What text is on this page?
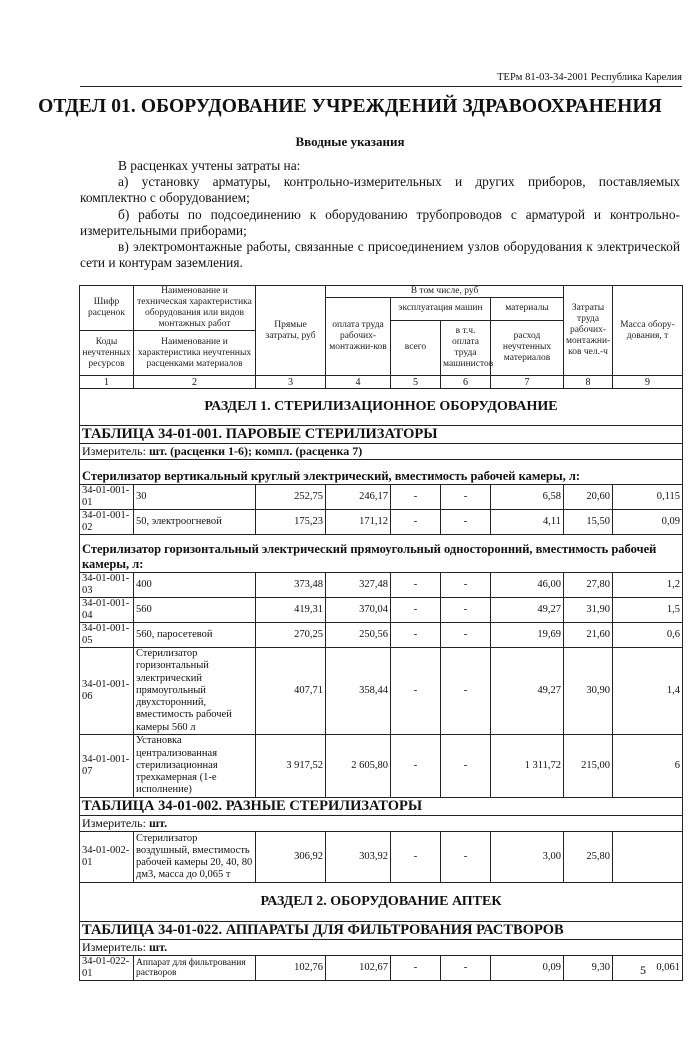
ТЕРм 81-03-34-2001 Республика Карелия
ОТДЕЛ 01. ОБОРУДОВАНИЕ УЧРЕЖДЕНИЙ ЗДРАВООХРАНЕНИЯ
Вводные указания

В расценках учтены затраты на:

а) установку арматуры, контрольно-измерительных и других приборов, поставляемых комплектно с оборудованием;

б) работы по подсоединению к оборудованию трубопроводов с арматурой и контрольно-измерительными приборами;

в) электромонтажные работы, связанные с присоединением узлов оборудования к электрической сети и контурам заземления.

Шифр расценок	Наименование и техническая характеристика оборудования или видов монтажных работ	Прямые затраты, руб	В том числе, руб				Затраты труда рабочих-монтажни-ков чел.-ч	Масса обору-дования, т
			оплата труда рабочих-монтажни-ков	эксплуатация машин		материалы		
				всего	в т.ч. оплата труда машинистов	расход неучтенных материалов		
Коды неучтенных ресурсов	Наименование и характеристика неучтенных расценками материалов							

1	2	3	4	5	6	7	8	9
РАЗДЕЛ 1. СТЕРИЛИЗАЦИОННОЕ ОБОРУДОВАНИЕ								
ТАБЛИЦА 34-01-001. ПАРОВЫЕ СТЕРИЛИЗАТОРЫ								
Измеритель: шт. (расценки 1-6); компл. (расценка 7)								
Стерилизатор вертикальный круглый электрический, вместимость рабочей камеры, л:								
34-01-001-01	30	252,75	246,17	-	-	6,58	20,60	0,115
34-01-001-02	50, электроогневой	175,23	171,12	-	-	4,11	15,50	0,09
Стерилизатор горизонтальный электрический прямоугольный односторонний, вместимость рабочей камеры, л:								
34-01-001-03	400	373,48	327,48	-	-	46,00	27,80	1,2
34-01-001-04	560	419,31	370,04	-	-	49,27	31,90	1,5
34-01-001-05	560, паросетевой	270,25	250,56	-	-	19,69	21,60	0,6
34-01-001-06	Стерилизатор горизонтальный электрический прямоугольный двухсторонний, вместимость рабочей камеры 560 л	407,71	358,44	-	-	49,27	30,90	1,4
34-01-001-07	Установка централизованная стерилизационная трехкамерная (1-е исполнение)	3 917,52	2 605,80	-	-	1 311,72	215,00	6
ТАБЛИЦА 34-01-002. РАЗНЫЕ СТЕРИЛИЗАТОРЫ								
Измеритель: шт.								
34-01-002-01	Стерилизатор воздушный, вместимость рабочей камеры 20, 40, 80 дм3, масса до 0,065 т	306,92	303,92	-	-	3,00	25,80	
РАЗДЕЛ 2. ОБОРУДОВАНИЕ АПТЕК								
ТАБЛИЦА 34-01-022. АППАРАТЫ ДЛЯ ФИЛЬТРОВАНИЯ РАСТВОРОВ								
Измеритель: шт.								
34-01-022-01	Аппарат для фильтрования растворов	102,76	102,67	-	-	0,09	9,30	0,061
5
